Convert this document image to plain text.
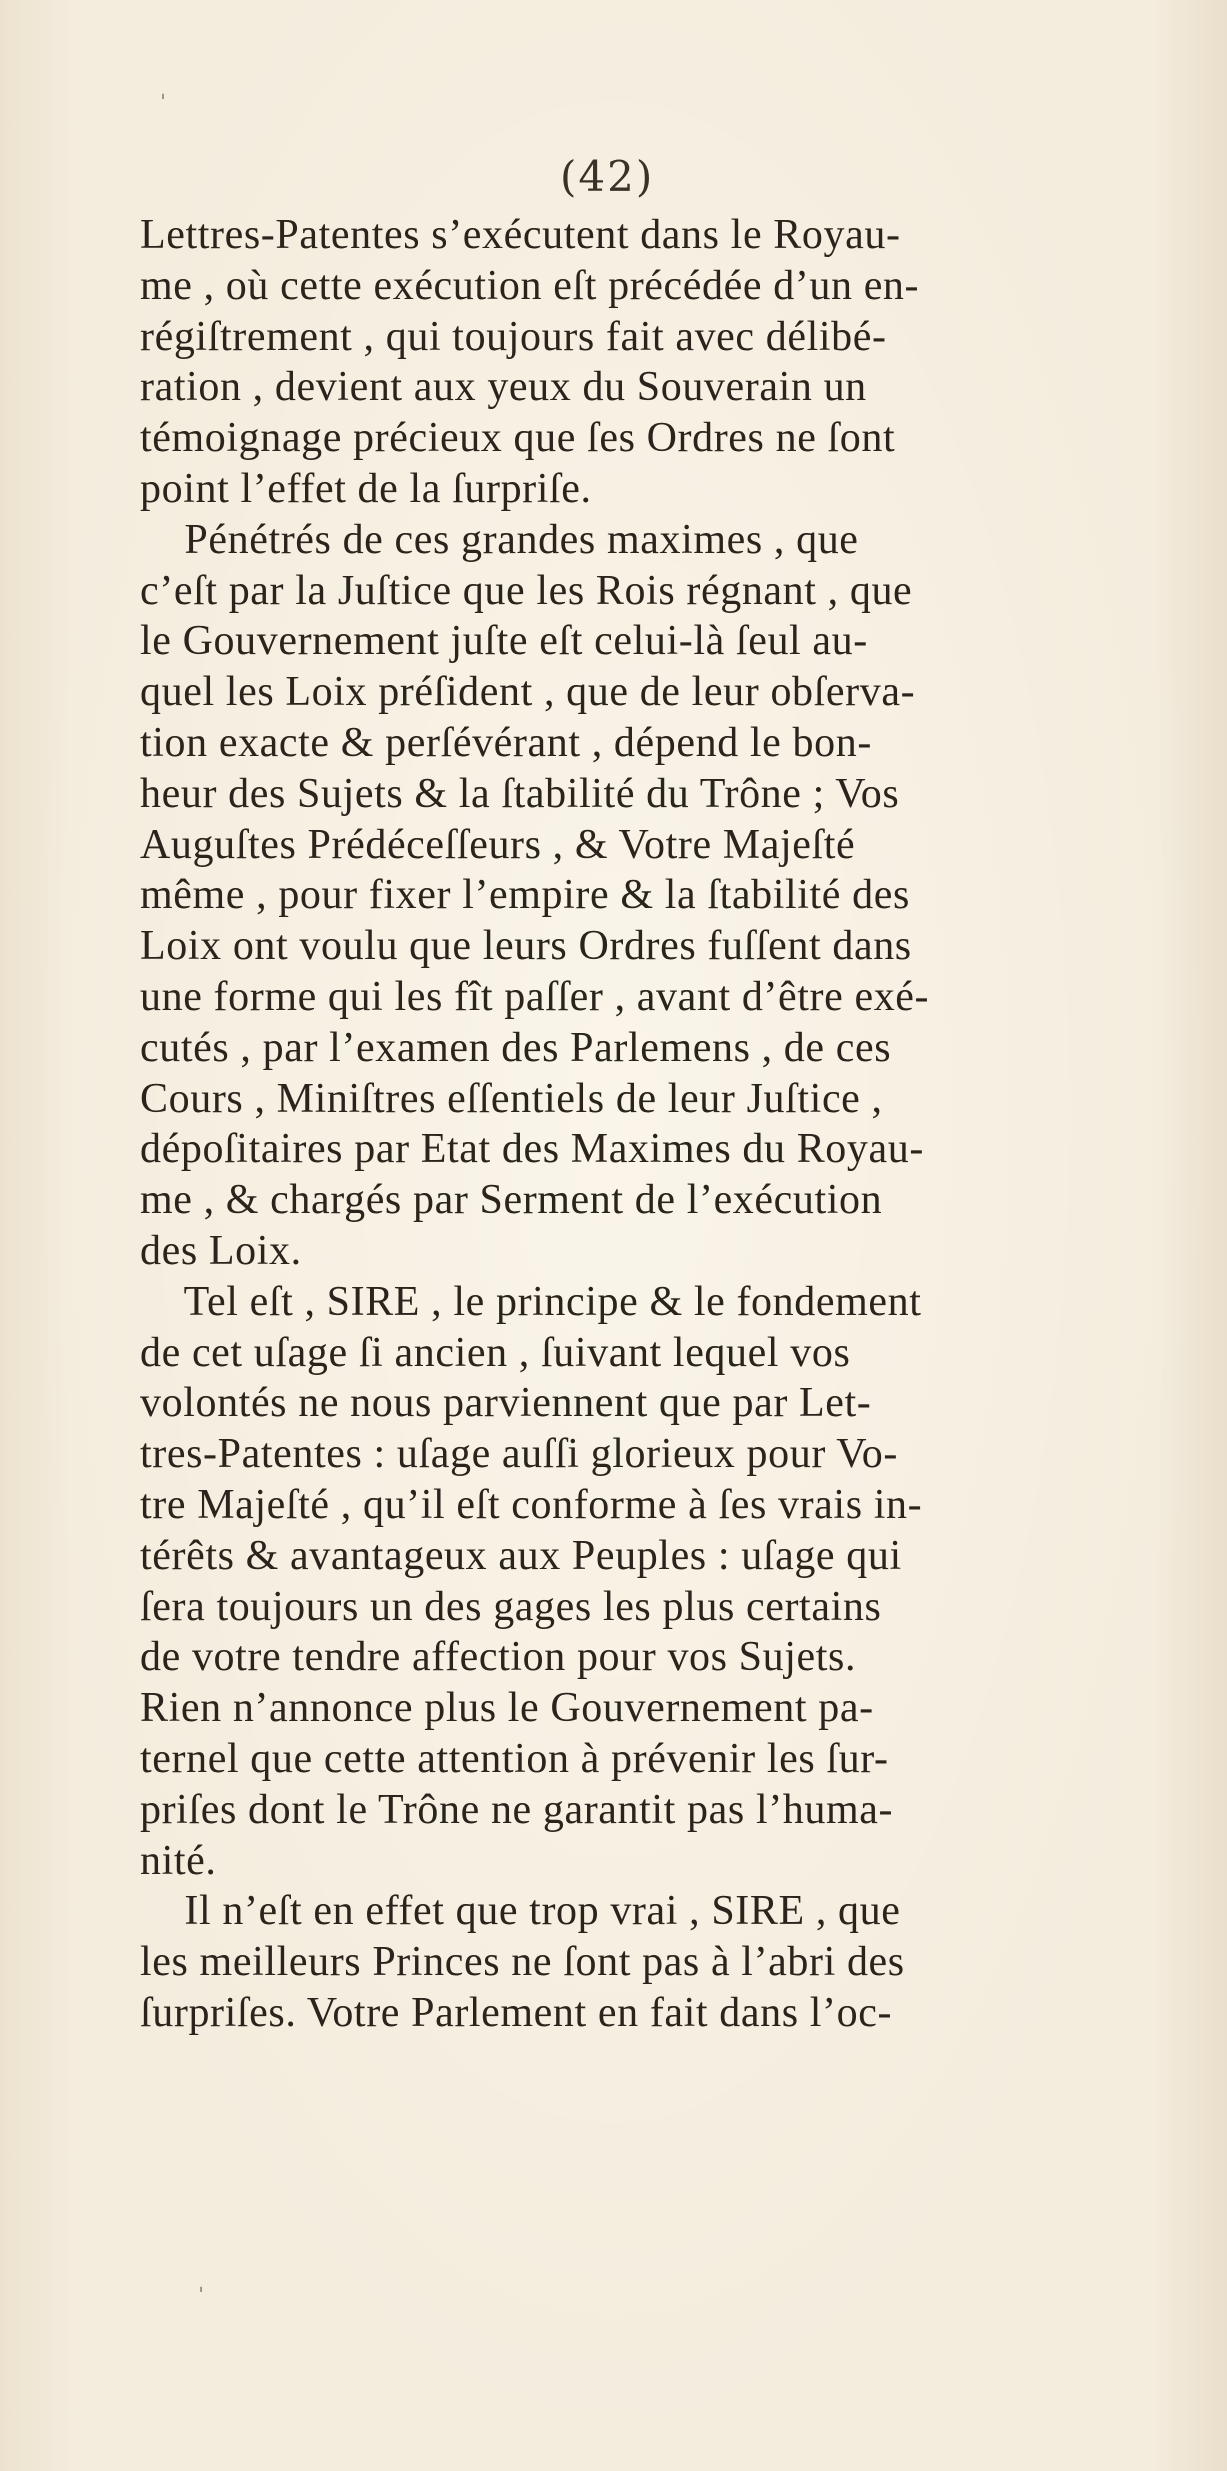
(42)

Lettres-Patentes s’exécutent dans le Royau-
me , où cette exécution eſt précédée d’un en-
régiſtrement , qui toujours fait avec délibé-
ration , devient aux yeux du Souverain un
témoignage précieux que ſes Ordres ne ſont
point l’effet de la ſurpriſe.
Pénétrés de ces grandes maximes , que
c’eſt par la Juſtice que les Rois régnant , que
le Gouvernement juſte eſt celui-là ſeul au-
quel les Loix préſident , que de leur obſerva-
tion exacte & perſévérant , dépend le bon-
heur des Sujets & la ſtabilité du Trône ; Vos
Auguſtes Prédéceſſeurs , & Votre Majeſté
même , pour fixer l’empire & la ſtabilité des
Loix ont voulu que leurs Ordres fuſſent dans
une forme qui les fît paſſer , avant d’être exé-
cutés , par l’examen des Parlemens , de ces
Cours , Miniſtres eſſentiels de leur Juſtice ,
dépoſitaires par Etat des Maximes du Royau-
me , & chargés par Serment de l’exécution
des Loix.
Tel eſt , SIRE , le principe & le fondement
de cet uſage ſi ancien , ſuivant lequel vos
volontés ne nous parviennent que par Let-
tres-Patentes : uſage auſſi glorieux pour Vo-
tre Majeſté , qu’il eſt conforme à ſes vrais in-
térêts & avantageux aux Peuples : uſage qui
ſera toujours un des gages les plus certains
de votre tendre affection pour vos Sujets.
Rien n’annonce plus le Gouvernement pa-
ternel que cette attention à prévenir les ſur-
priſes dont le Trône ne garantit pas l’huma-
nité.
Il n’eſt en effet que trop vrai , SIRE , que
les meilleurs Princes ne ſont pas à l’abri des
ſurpriſes. Votre Parlement en fait dans l’oc-
ˈ
ˌ
